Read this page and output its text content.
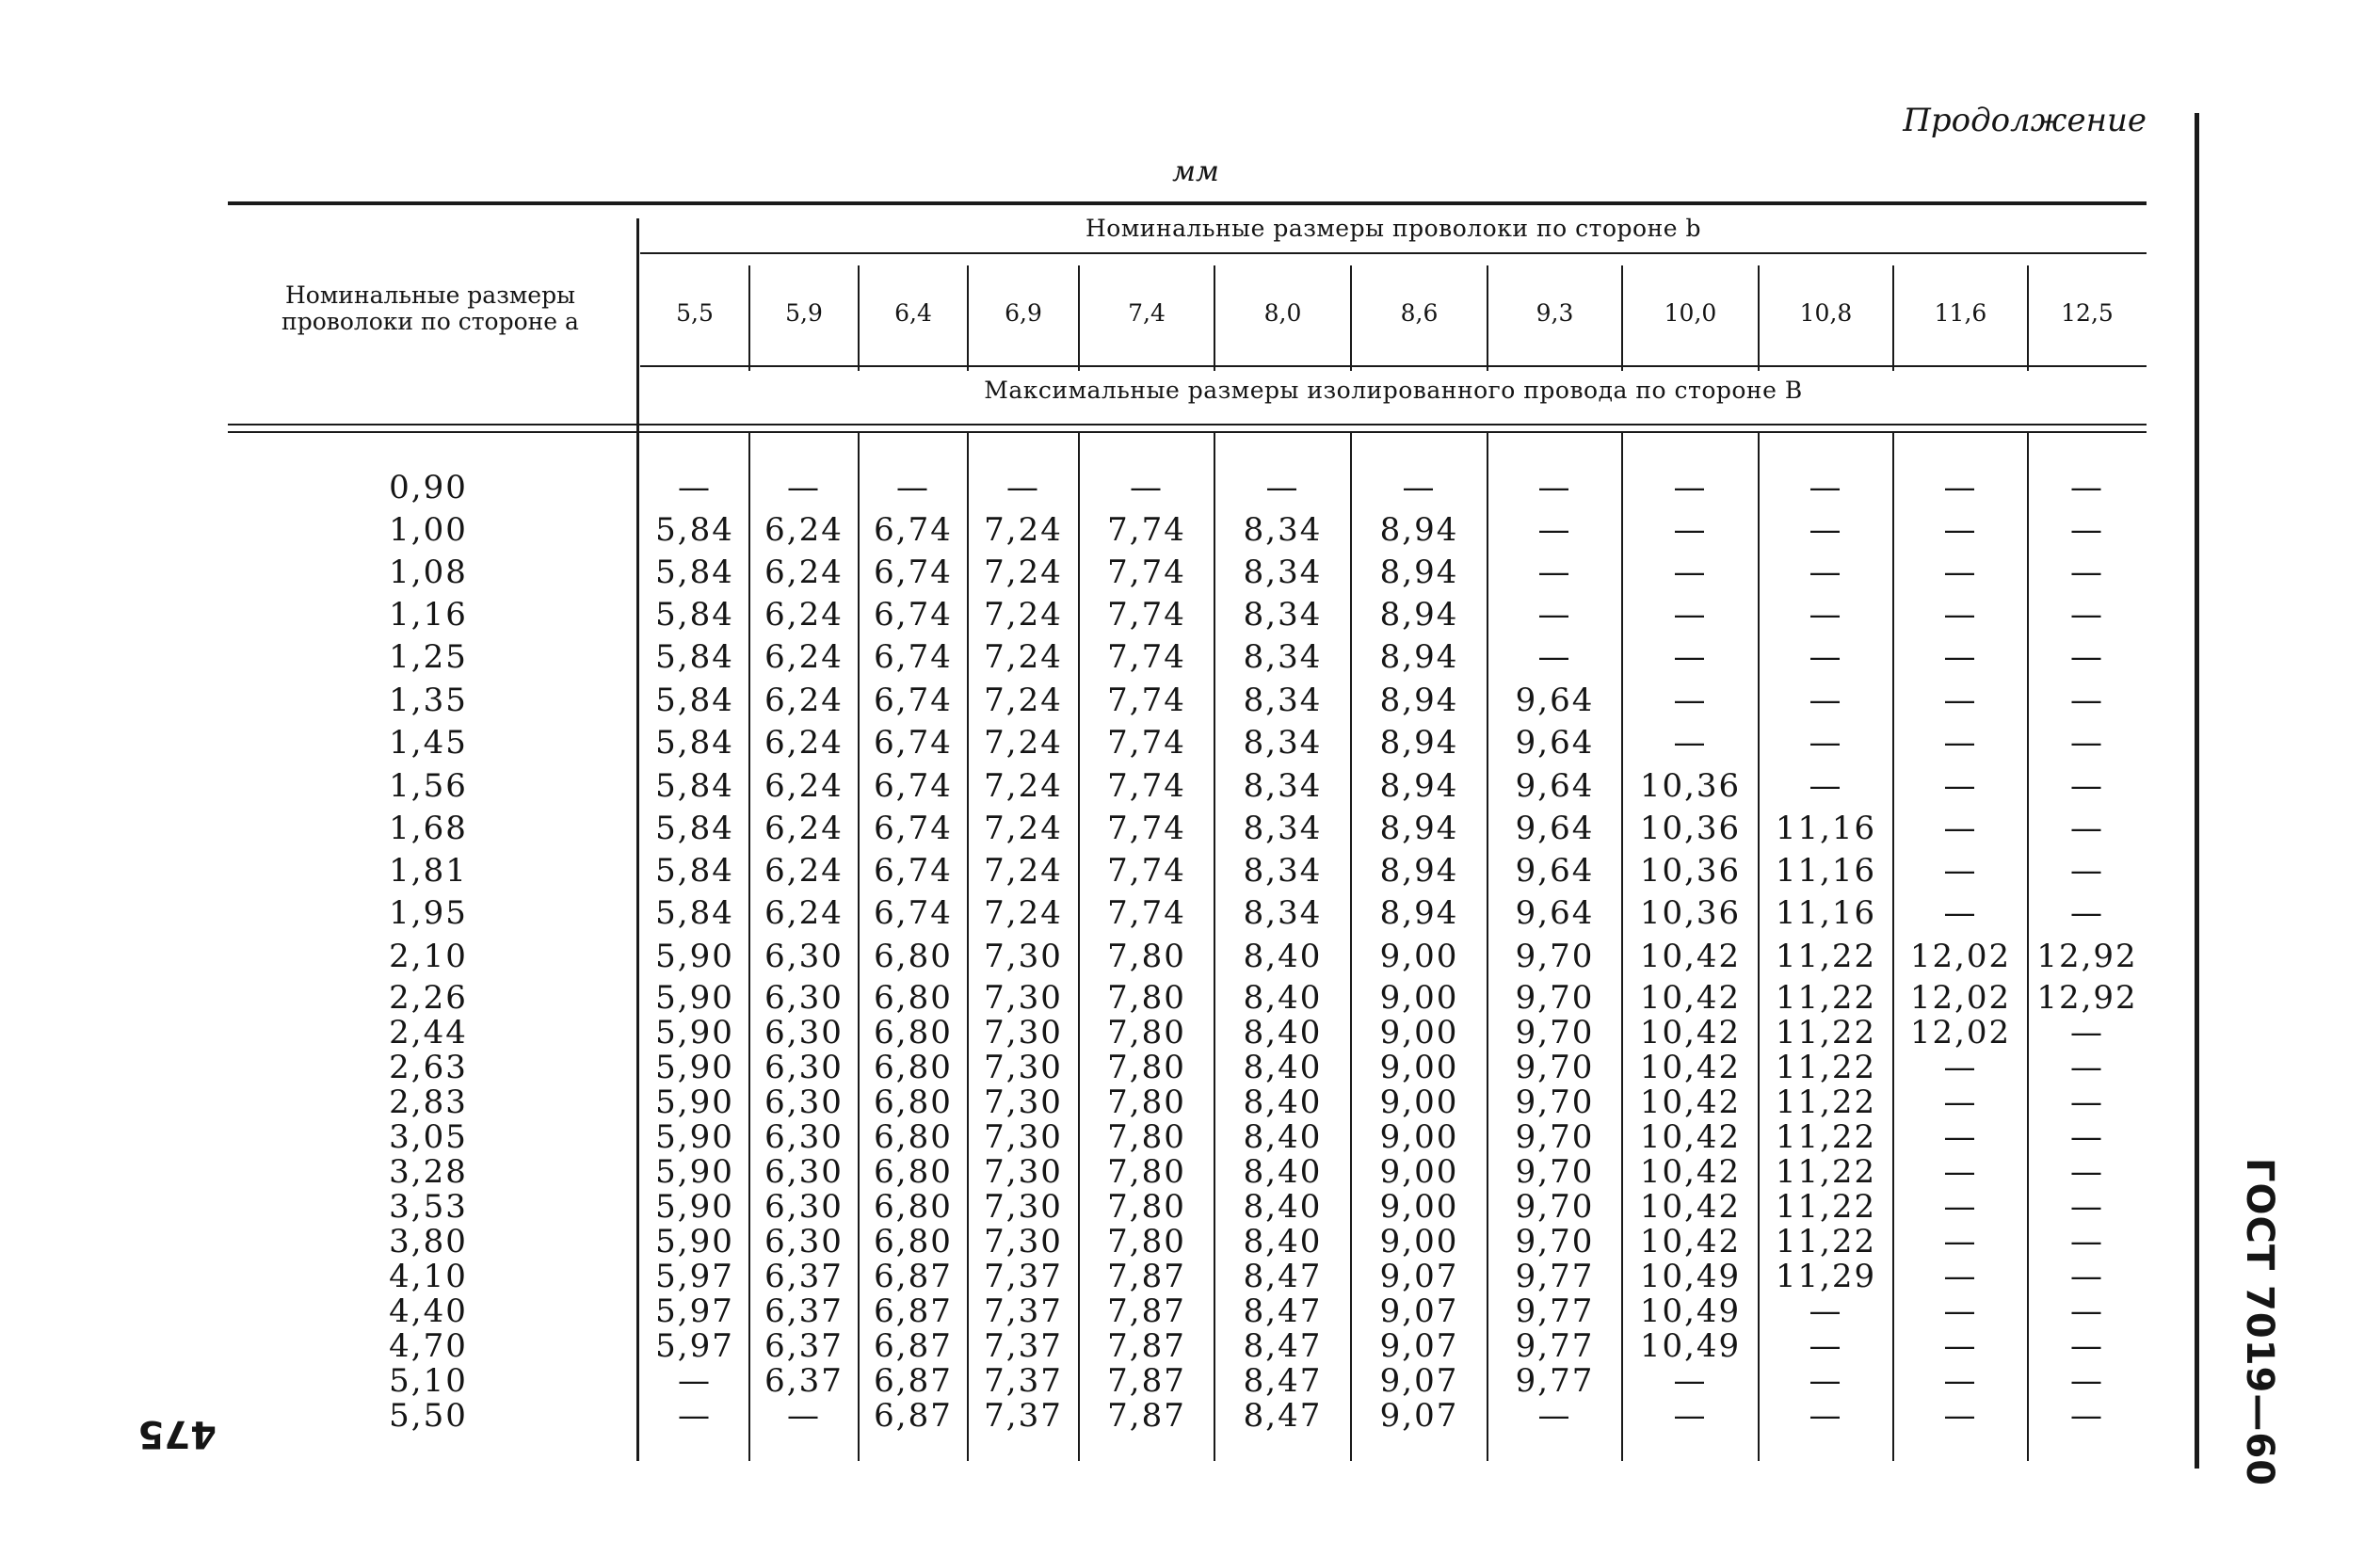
Продолжение
мм
ГОСТ 7019—60
475
Номинальные размеры проволоки по стороне а
Номинальные размеры проволоки по стороне b
Максимальные размеры изолированного провода по стороне В
5,5	5,9	6,4	6,9	7,4	8,0	8,6	9,3	10,0	10,8	11,6	12,5
0,90	—	—	—	—	—	—	—	—	—	—	—	—
1,00	5,84 6,24 6,74 7,24	7,74	8,34	8,94	—	—	—	—	—
1,08	5,84 6,24 6,74 7,24	7,74	8,34	8,94	—	—	—	—	—
1,16	5,84 6,24 6,74 7,24	7,74	8,34	8,94	—	—	—	—	—
1,25	5,84 6,24 6,74 7,24	7,74	8,34	8,94	—	—	—	—	—
1,35	5,84 6,24 6,74 7,24	7,74	8,34	8,94	9,64	—	—	—	—
1,45	5,84 6,24 6,74 7,24	7,74	8,34	8,94	9,64	—	—	—	—
1,56	5,84 6,24 6,74 7,24	7,74	8,34	8,94	9,64	10,36	—	—	—
1,68	5,84 6,24 6,74 7,24	7,74	8,34	8,94	9,64	10,36	11,16	—	—
1,81	5,84 6,24 6,74 7,24	7,74	8,34	8,94	9,64	10,36	11,16	—	—
1,95	5,84 6,24 6,74 7,24	7,74	8,34	8,94	9,64	10,36	11,16	—	—
2,10	5,90 6,30 6,80 7,30	7,80	8,40	9,00	9,70	10,42	11,22	12,02 12,92
2,26	5,90 6,30 6,80 7,30	7,80	8,40	9,00	9,70	10,42	11,22	12,02 12,92
2,44	5,90 6,30 6,80 7,30	7,80	8,40	9,00	9,70	10,42	11,22	12,02	—
2,63	5,90 6,30 6,80 7,30	7,80	8,40	9,00	9,70	10,42	11,22	—	—
2,83	5,90 6,30 6,80 7,30	7,80	8,40	9,00	9,70	10,42	11,22	—	—
3,05	5,90 6,30 6,80 7,30	7,80	8,40	9,00	9,70	10,42	11,22	—	—
3,28	5,90 6,30 6,80 7,30	7,80	8,40	9,00	9,70	10,42	11,22	—	—
3,53	5,90 6,30 6,80 7,30	7,80	8,40	9,00	9,70	10,42	11,22	—	—
3,80	5,90 6,30 6,80 7,30	7,80	8,40	9,00	9,70	10,42	11,22	—	—
4,10	5,97 6,37 6,87 7,37	7,87	8,47	9,07	9,77	10,49	11,29	—	—
4,40	5,97 6,37 6,87 7,37	7,87	8,47	9,07	9,77	10,49	—	—	—
4,70	5,97 6,37 6,87 7,37	7,87	8,47	9,07	9,77	10,49	—	—	—
5,10	—	6,37 6,87 7,37	7,87	8,47	9,07	9,77	—	—	—	—
5,50	—	—	6,87 7,37	7,87	8,47	9,07	—	—	—	—	—
